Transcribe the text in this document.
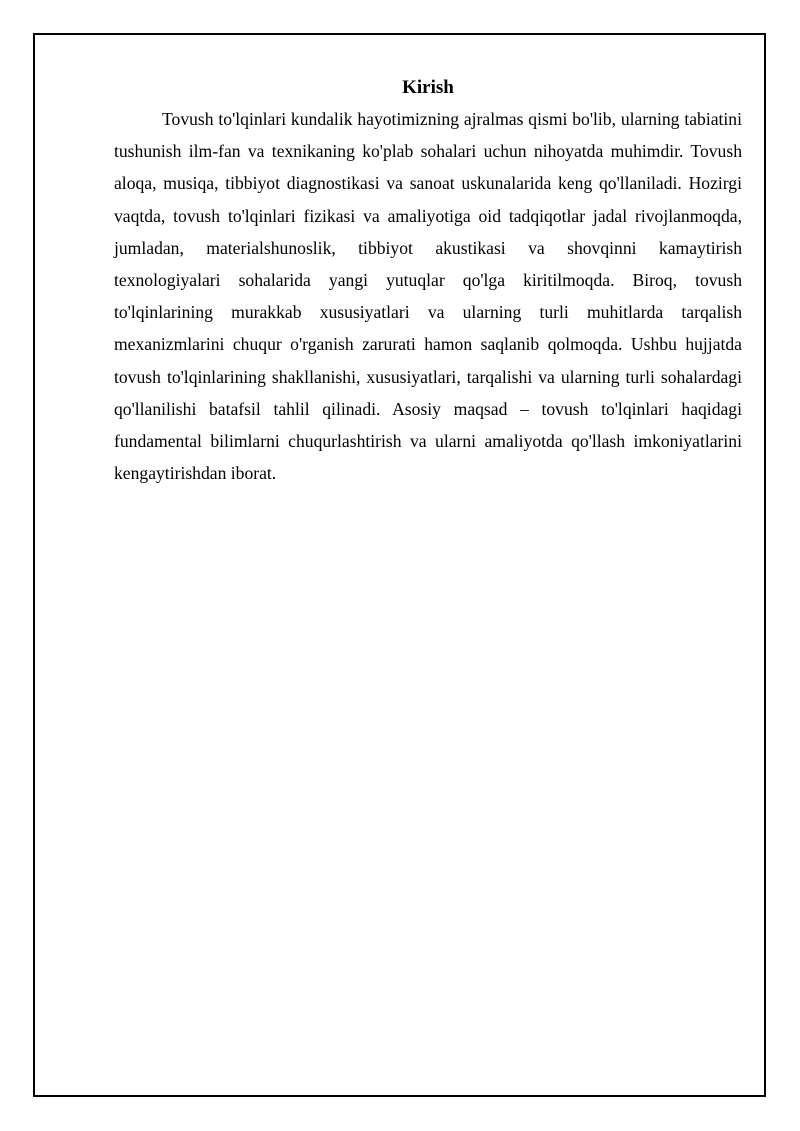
Kirish

Tovush to'lqinlari kundalik hayotimizning ajralmas qismi bo'lib, ularning tabiatini tushunish ilm-fan va texnikaning ko'plab sohalari uchun nihoyatda muhimdir. Tovush aloqa, musiqa, tibbiyot diagnostikasi va sanoat uskunalarida keng qo'llaniladi. Hozirgi vaqtda, tovush to'lqinlari fizikasi va amaliyotiga oid tadqiqotlar jadal rivojlanmoqda, jumladan, materialshunoslik, tibbiyot akustikasi va shovqinni kamaytirish texnologiyalari sohalarida yangi yutuqlar qo'lga kiritilmoqda. Biroq, tovush to'lqinlarining murakkab xususiyatlari va ularning turli muhitlarda tarqalish mexanizmlarini chuqur o'rganish zarurati hamon saqlanib qolmoqda. Ushbu hujjatda tovush to'lqinlarining shakllanishi, xususiyatlari, tarqalishi va ularning turli sohalardagi qo'llanilishi batafsil tahlil qilinadi. Asosiy maqsad – tovush to'lqinlari haqidagi fundamental bilimlarni chuqurlashtirish va ularni amaliyotda qo'llash imkoniyatlarini kengaytirishdan iborat.
